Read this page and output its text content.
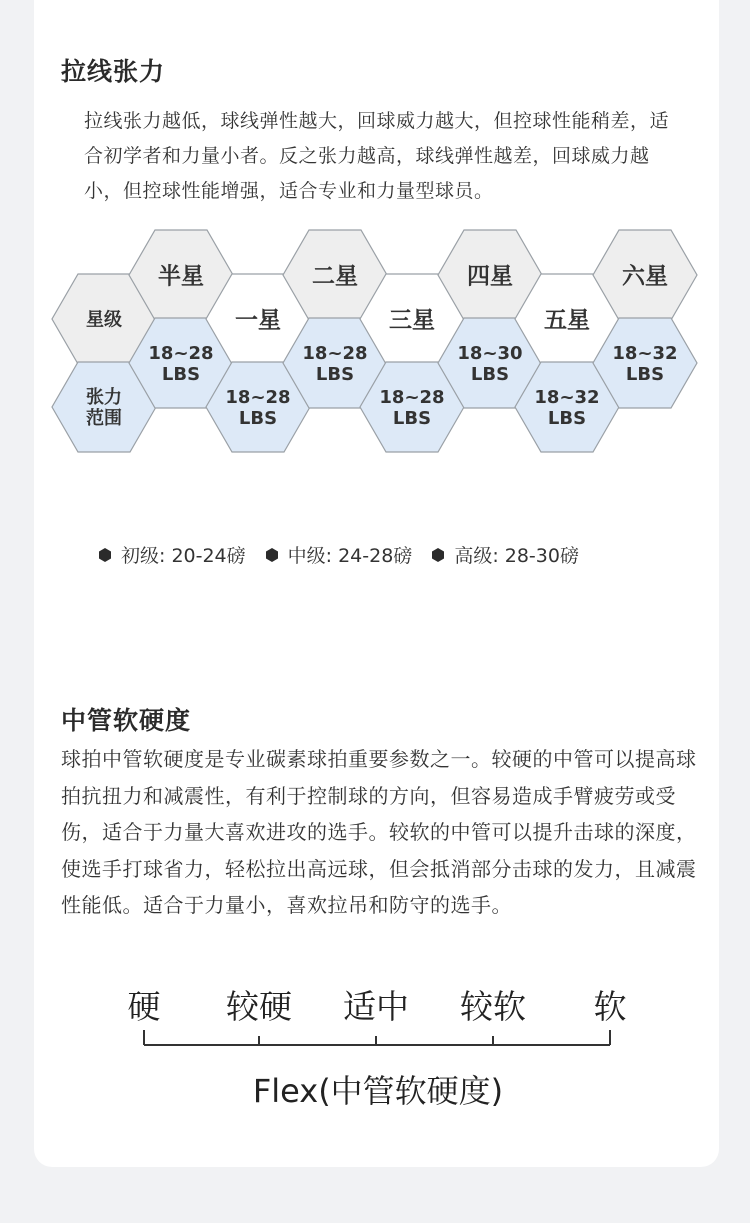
拉线张力

拉线张力越低，球线弹性越大，回球威力越大，但控球性能稍差，适合初学者和力量小者。反之张力越高，球线弹性越差，回球威力越小，但控球性能增强，适合专业和力量型球员。

星级
张力范围
半星
18~28 LBS
一星
18~28 LBS
二星
18~28 LBS
三星
18~28 LBS
四星
18~30 LBS
五星
18~32 LBS
六星
18~32 LBS
初级: 20-24磅 中级: 24-28磅 高级: 28-30磅
中管软硬度

球拍中管软硬度是专业碳素球拍重要参数之一。较硬的中管可以提高球拍抗扭力和减震性，有利于控制球的方向，但容易造成手臂疲劳或受伤，适合于力量大喜欢进攻的选手。较软的中管可以提升击球的深度，使选手打球省力，轻松拉出高远球，但会抵消部分击球的发力，且减震性能低。适合于力量小，喜欢拉吊和防守的选手。

硬 较硬 适中 较软 软
Flex(中管软硬度)
